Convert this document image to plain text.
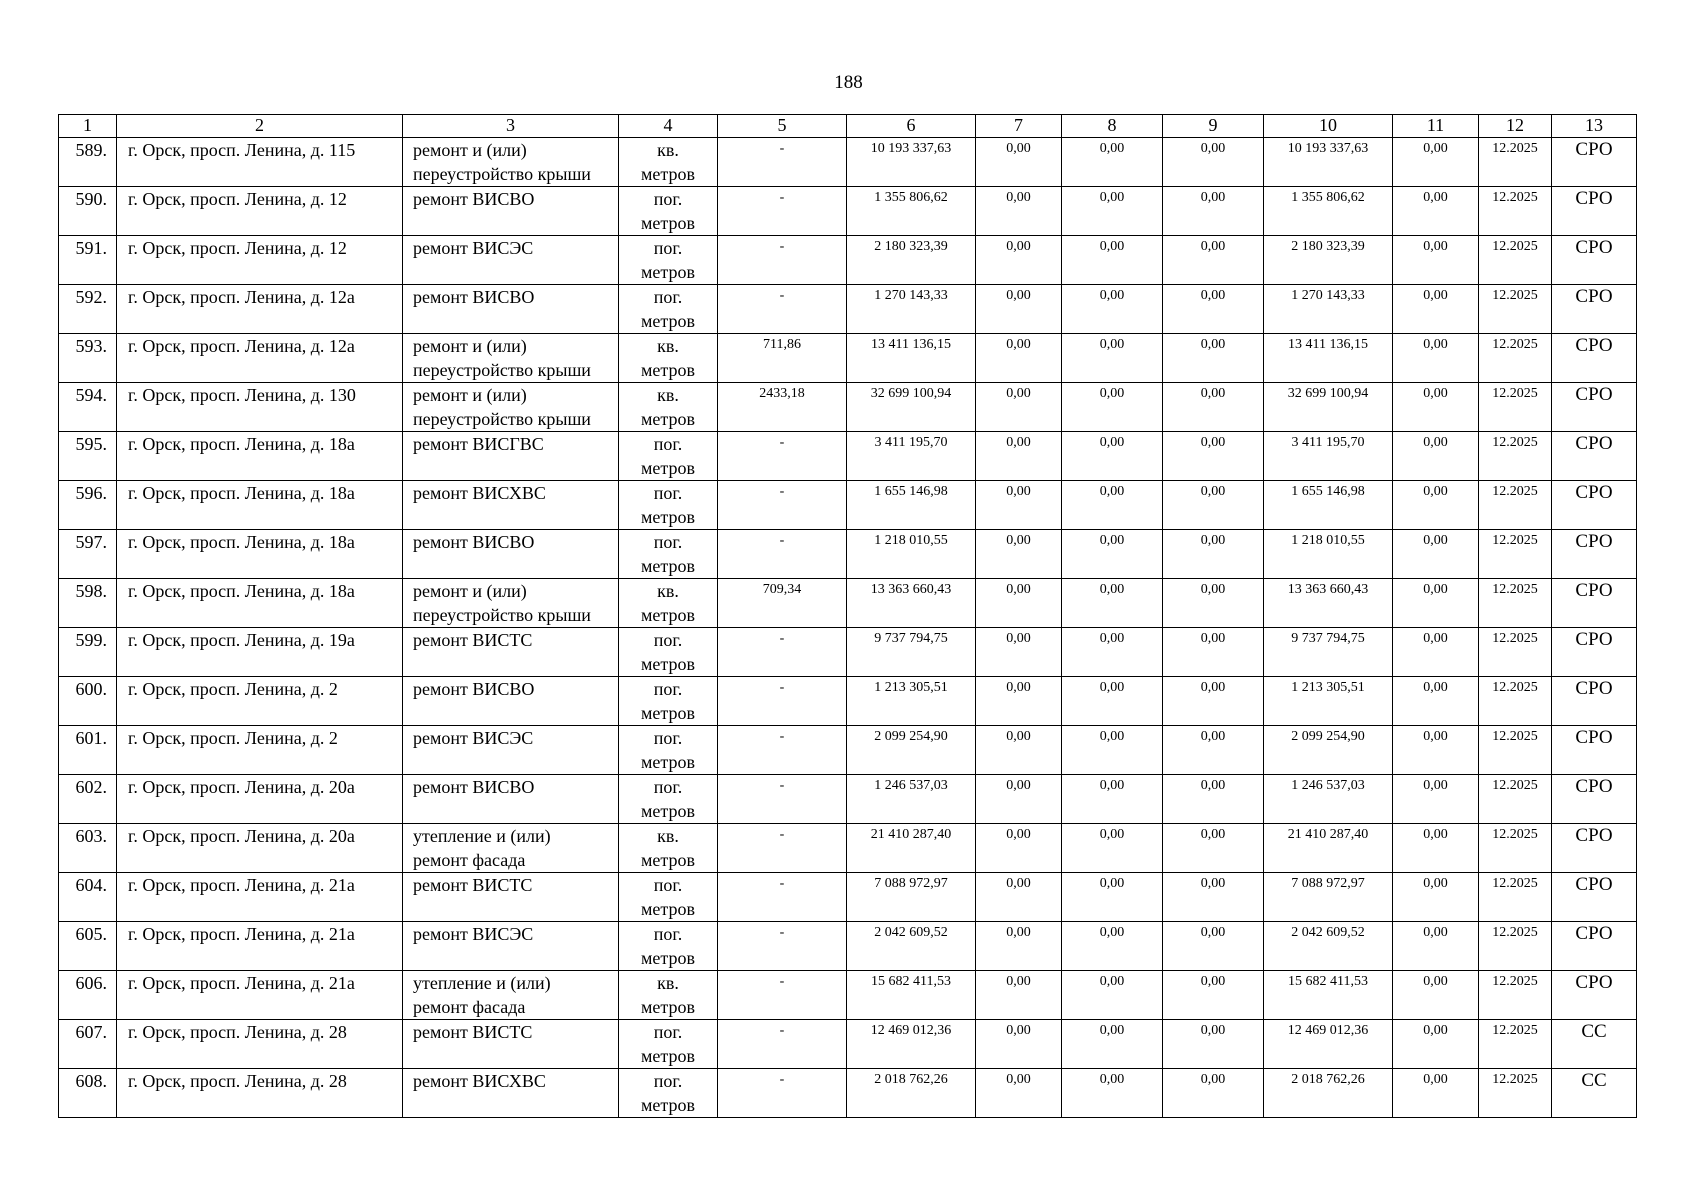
188
1	2	3	4	5	6	7	8	9	10	11	12	13
589.	г. Орск, просп. Ленина, д. 115	ремонт и (или)
переустройство крыши	кв.
метров	-	10 193 337,63	0,00	0,00	0,00	10 193 337,63	0,00	12.2025	СРО
590.	г. Орск, просп. Ленина, д. 12	ремонт ВИСВО	пог.
метров	-	1 355 806,62	0,00	0,00	0,00	1 355 806,62	0,00	12.2025	СРО
591.	г. Орск, просп. Ленина, д. 12	ремонт ВИСЭС	пог.
метров	-	2 180 323,39	0,00	0,00	0,00	2 180 323,39	0,00	12.2025	СРО
592.	г. Орск, просп. Ленина, д. 12а	ремонт ВИСВО	пог.
метров	-	1 270 143,33	0,00	0,00	0,00	1 270 143,33	0,00	12.2025	СРО
593.	г. Орск, просп. Ленина, д. 12а	ремонт и (или)
переустройство крыши	кв.
метров	711,86	13 411 136,15	0,00	0,00	0,00	13 411 136,15	0,00	12.2025	СРО
594.	г. Орск, просп. Ленина, д. 130	ремонт и (или)
переустройство крыши	кв.
метров	2433,18	32 699 100,94	0,00	0,00	0,00	32 699 100,94	0,00	12.2025	СРО
595.	г. Орск, просп. Ленина, д. 18а	ремонт ВИСГВС	пог.
метров	-	3 411 195,70	0,00	0,00	0,00	3 411 195,70	0,00	12.2025	СРО
596.	г. Орск, просп. Ленина, д. 18а	ремонт ВИСХВС	пог.
метров	-	1 655 146,98	0,00	0,00	0,00	1 655 146,98	0,00	12.2025	СРО
597.	г. Орск, просп. Ленина, д. 18а	ремонт ВИСВО	пог.
метров	-	1 218 010,55	0,00	0,00	0,00	1 218 010,55	0,00	12.2025	СРО
598.	г. Орск, просп. Ленина, д. 18а	ремонт и (или)
переустройство крыши	кв.
метров	709,34	13 363 660,43	0,00	0,00	0,00	13 363 660,43	0,00	12.2025	СРО
599.	г. Орск, просп. Ленина, д. 19а	ремонт ВИСТС	пог.
метров	-	9 737 794,75	0,00	0,00	0,00	9 737 794,75	0,00	12.2025	СРО
600.	г. Орск, просп. Ленина, д. 2	ремонт ВИСВО	пог.
метров	-	1 213 305,51	0,00	0,00	0,00	1 213 305,51	0,00	12.2025	СРО
601.	г. Орск, просп. Ленина, д. 2	ремонт ВИСЭС	пог.
метров	-	2 099 254,90	0,00	0,00	0,00	2 099 254,90	0,00	12.2025	СРО
602.	г. Орск, просп. Ленина, д. 20а	ремонт ВИСВО	пог.
метров	-	1 246 537,03	0,00	0,00	0,00	1 246 537,03	0,00	12.2025	СРО
603.	г. Орск, просп. Ленина, д. 20а	утепление и (или)
ремонт фасада	кв.
метров	-	21 410 287,40	0,00	0,00	0,00	21 410 287,40	0,00	12.2025	СРО
604.	г. Орск, просп. Ленина, д. 21а	ремонт ВИСТС	пог.
метров	-	7 088 972,97	0,00	0,00	0,00	7 088 972,97	0,00	12.2025	СРО
605.	г. Орск, просп. Ленина, д. 21а	ремонт ВИСЭС	пог.
метров	-	2 042 609,52	0,00	0,00	0,00	2 042 609,52	0,00	12.2025	СРО
606.	г. Орск, просп. Ленина, д. 21а	утепление и (или)
ремонт фасада	кв.
метров	-	15 682 411,53	0,00	0,00	0,00	15 682 411,53	0,00	12.2025	СРО
607.	г. Орск, просп. Ленина, д. 28	ремонт ВИСТС	пог.
метров	-	12 469 012,36	0,00	0,00	0,00	12 469 012,36	0,00	12.2025	СС
608.	г. Орск, просп. Ленина, д. 28	ремонт ВИСХВС	пог.
метров	-	2 018 762,26	0,00	0,00	0,00	2 018 762,26	0,00	12.2025	СС
